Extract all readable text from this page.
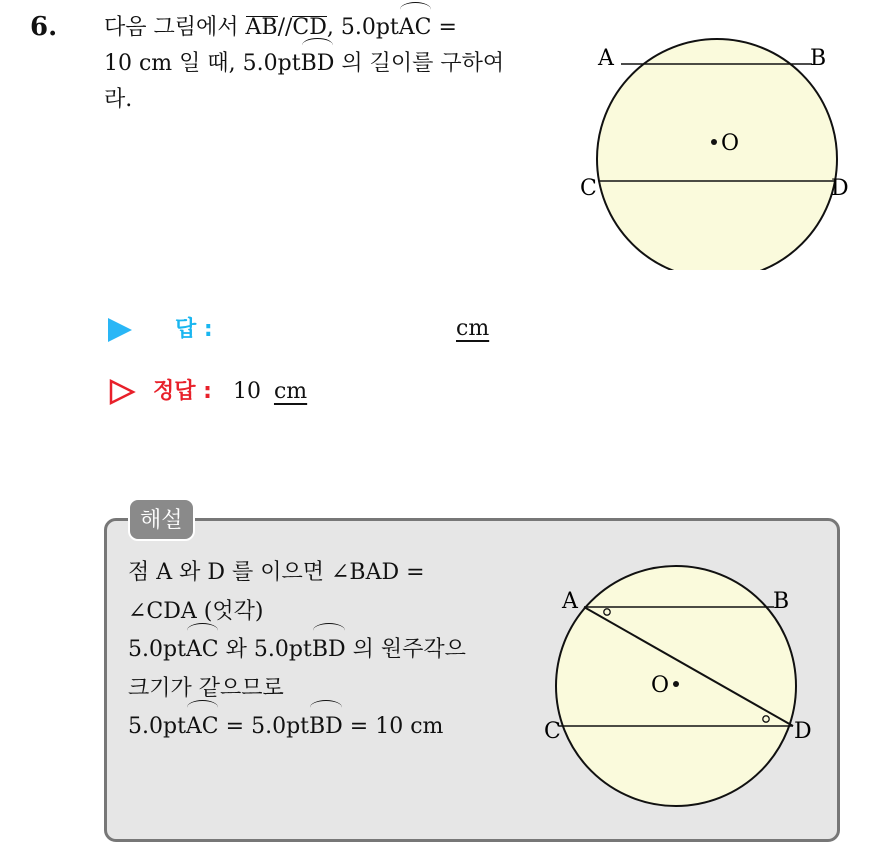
6. 다음 그림에서 AB//CD, 5.0ptAC =
10 cm 일 때, 5.0ptBD 의 길이를 구하여
라.
A	B
C	D
O
답 :	cm
정답 : 10 cm
해설
점 A 와 D 를 이으면 ∠BAD =
∠CDA (엇각)
5.0ptAC 와 5.0ptBD 의 원주각으
크기가 같으므로
5.0ptAC = 5.0ptBD = 10 cm
A	B
C	D
O
